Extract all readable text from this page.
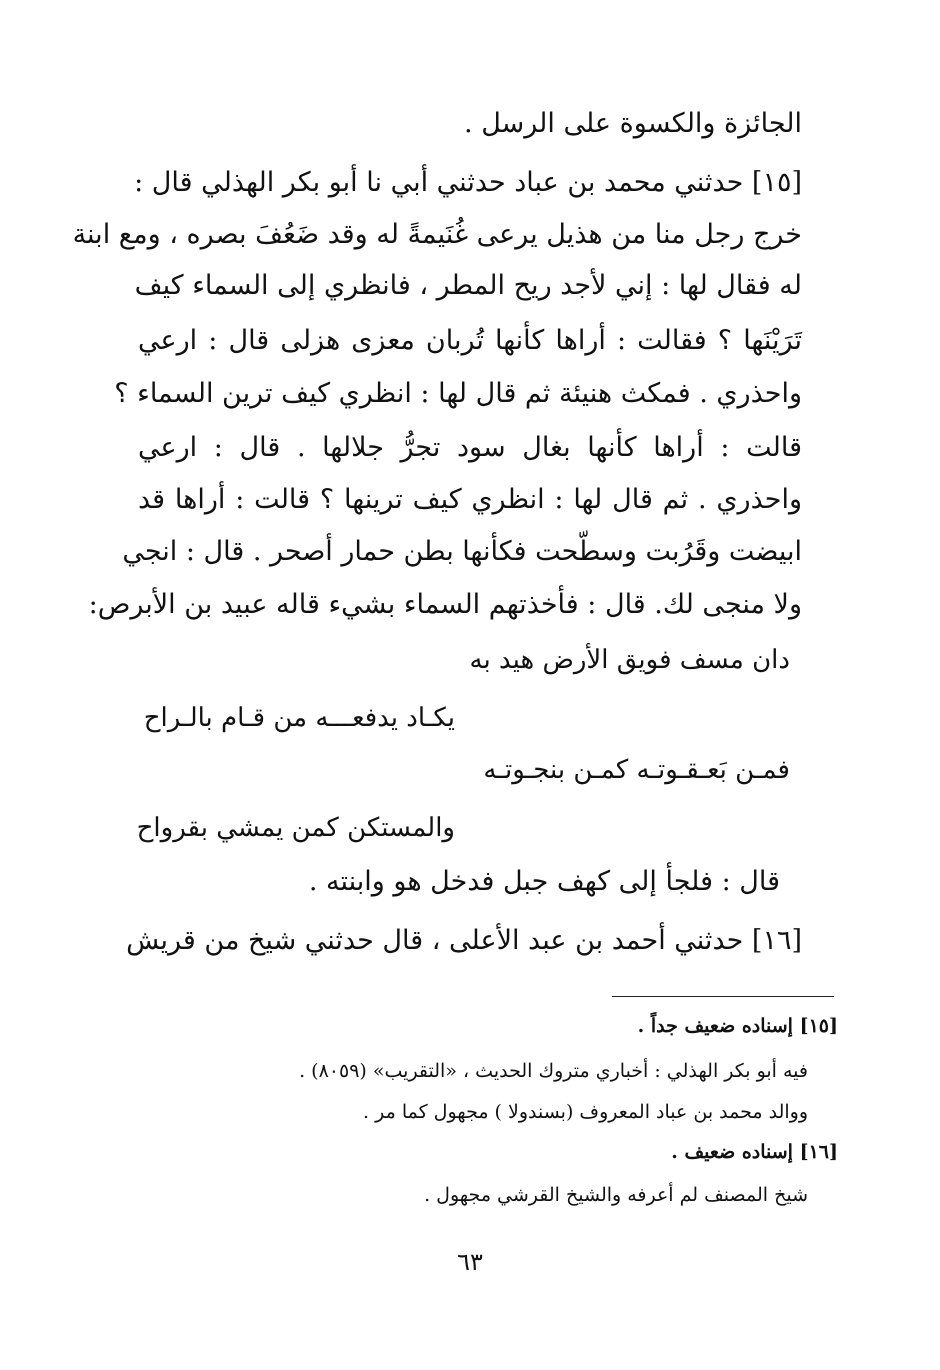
الجائزة والكسوة على الرسل .
[١٥] حدثني محمد بن عباد حدثني أبي نا أبو بكر الهذلي قال :
خرج رجل منا من هذيل يرعى غُنَيمةً له وقد ضَعُفَ بصره ، ومع ابنة
له فقال لها : إني لأجد ريح المطر ، فانظري إلى السماء كيف
تَرَيْنَها ؟ فقالت : أراها كأنها تُربان معزى هزلى قال : ارعي
واحذري . فمكث هنيئة ثم قال لها : انظري كيف ترين السماء ؟
قالت : أراها كأنها بغال سود تجرُّ جلالها . قال : ارعي
واحذري . ثم قال لها : انظري كيف ترينها ؟ قالت : أراها قد
ابيضت وقَرُبت وسطّحت فكأنها بطن حمار أصحر . قال : انجي
ولا منجى لك. قال : فأخذتهم السماء بشيء قاله عبيد بن الأبرص:
دان مسف فويق الأرض هيد به
يكـاد يدفعـــه من قـام بالـراح
فمـن بَعـقـوتـه كمـن بنجـوتـه
والمستكن كمن يمشي بقرواح
قال : فلجأ إلى كهف جبل فدخل هو وابنته .
[١٦] حدثني أحمد بن عبد الأعلى ، قال حدثني شيخ من قريش
[١٥] إسناده ضعيف جداً .
فيه أبو بكر الهذلي : أخباري متروك الحديث ، «التقريب» (٨٠٥٩) .
ووالد محمد بن عباد المعروف (بسندولا ) مجهول كما مر .
[١٦] إسناده ضعيف .
شيخ المصنف لم أعرفه والشيخ القرشي مجهول .
٦٣
